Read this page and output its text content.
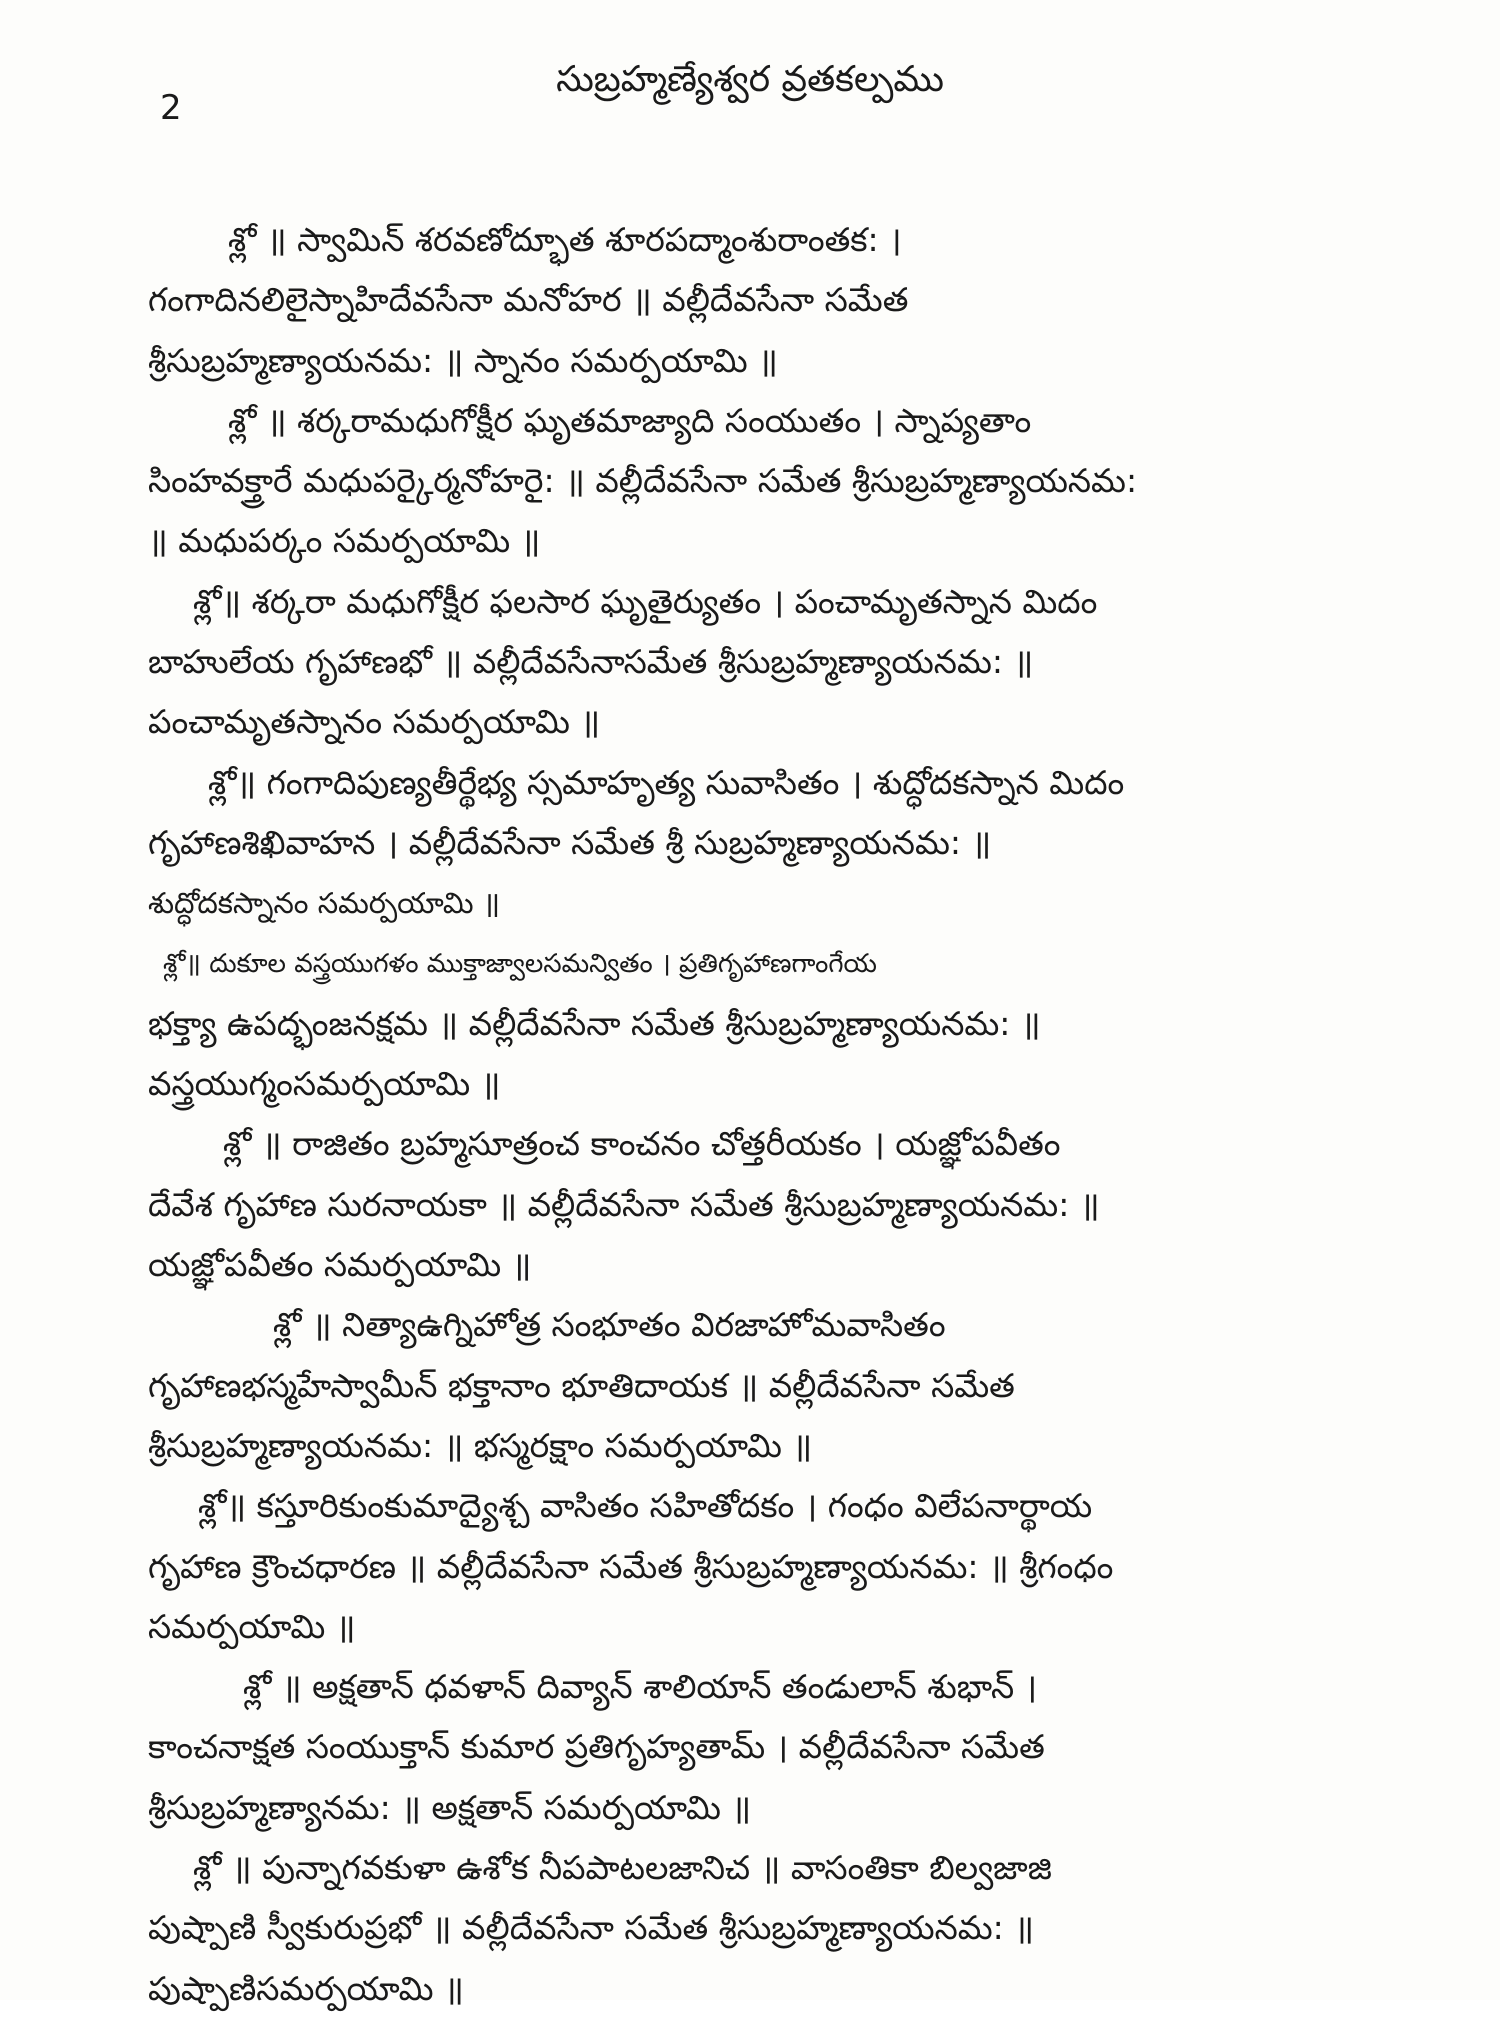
2
సుబ్రహ్మణ్యేశ్వర వ్రతకల్పము
శ్లో ॥ స్వామిన్ శరవణోద్భూత శూరపద్మాంశురాంతక: ।
గంగాదినలిలైస్నాహిదేవసేనా మనోహర ॥ వల్లీదేవసేనా సమేత
శ్రీసుబ్రహ్మణ్యాయనమ: ॥ స్నానం సమర్పయామి ॥
శ్లో ॥ శర్కరామధుగోక్షీర ఘృతమాజ్యాది సంయుతం । స్నాప్యతాం
సింహవక్త్రారే మధుపర్కైర్మనోహరై: ॥ వల్లీదేవసేనా సమేత శ్రీసుబ్రహ్మణ్యాయనమ:
॥ మధుపర్కం సమర్పయామి ॥
శ్లో॥ శర్కరా మధుగోక్షీర ఫలసార ఘృతైర్యుతం । పంచామృతస్నాన మిదం
బాహులేయ గృహాణభో ॥ వల్లీదేవసేనాసమేత శ్రీసుబ్రహ్మణ్యాయనమ: ॥
పంచామృతస్నానం సమర్పయామి ॥
శ్లో॥ గంగాదిపుణ్యతీర్థేభ్య స్సమాహృత్య సువాసితం । శుద్ధోదకస్నాన మిదం
గృహాణశిఖివాహన । వల్లీదేవసేనా సమేత శ్రీ సుబ్రహ్మణ్యాయనమ: ॥
శుద్ధోదకస్నానం సమర్పయామి ॥
శ్లో॥ దుకూల వస్త్రయుగళం ముక్తాజ్వాలసమన్వితం । ప్రతిగృహాణగాంగేయ
భక్త్యా ఉపద్భంజనక్షమ ॥ వల్లీదేవసేనా సమేత శ్రీసుబ్రహ్మణ్యాయనమ: ॥
వస్త్రయుగ్మంసమర్పయామి ॥
శ్లో ॥ రాజితం బ్రహ్మసూత్రంచ కాంచనం చోత్తరీయకం । యజ్ఞోపవీతం
దేవేశ గృహాణ సురనాయకా ॥ వల్లీదేవసేనా సమేత శ్రీసుబ్రహ్మణ్యాయనమ: ॥
యజ్ఞోపవీతం సమర్పయామి ॥
శ్లో ॥ నిత్యాఉగ్నిహోత్ర సంభూతం విరజాహోమవాసితం
గృహాణభస్మహేస్వామీన్ భక్తానాం భూతిదాయక ॥ వల్లీదేవసేనా సమేత
శ్రీసుబ్రహ్మణ్యాయనమ: ॥ భస్మరక్షాం సమర్పయామి ॥
శ్లో॥ కస్తూరికుంకుమాద్యైశ్చ వాసితం సహితోదకం । గంధం విలేపనార్థాయ
గృహాణ క్రౌంచధారణ ॥ వల్లీదేవసేనా సమేత శ్రీసుబ్రహ్మణ్యాయనమ: ॥ శ్రీగంధం
సమర్పయామి ॥
శ్లో ॥ అక్షతాన్ ధవళాన్ దివ్యాన్ శాలియాన్ తండులాన్ శుభాన్ ।
కాంచనాక్షత సంయుక్తాన్ కుమార ప్రతిగృహ్యతామ్ । వల్లీదేవసేనా సమేత
శ్రీసుబ్రహ్మణ్యానమ: ॥ అక్షతాన్ సమర్పయామి ॥
శ్లో ॥ పున్నాగవకుళా ఉశోక నీపపాటలజానిచ ॥ వాసంతికా బిల్వజాజి
పుష్పాణి స్వీకురుప్రభో ॥ వల్లీదేవసేనా సమేత శ్రీసుబ్రహ్మణ్యాయనమ: ॥
పుష్పాణిసమర్పయామి ॥
